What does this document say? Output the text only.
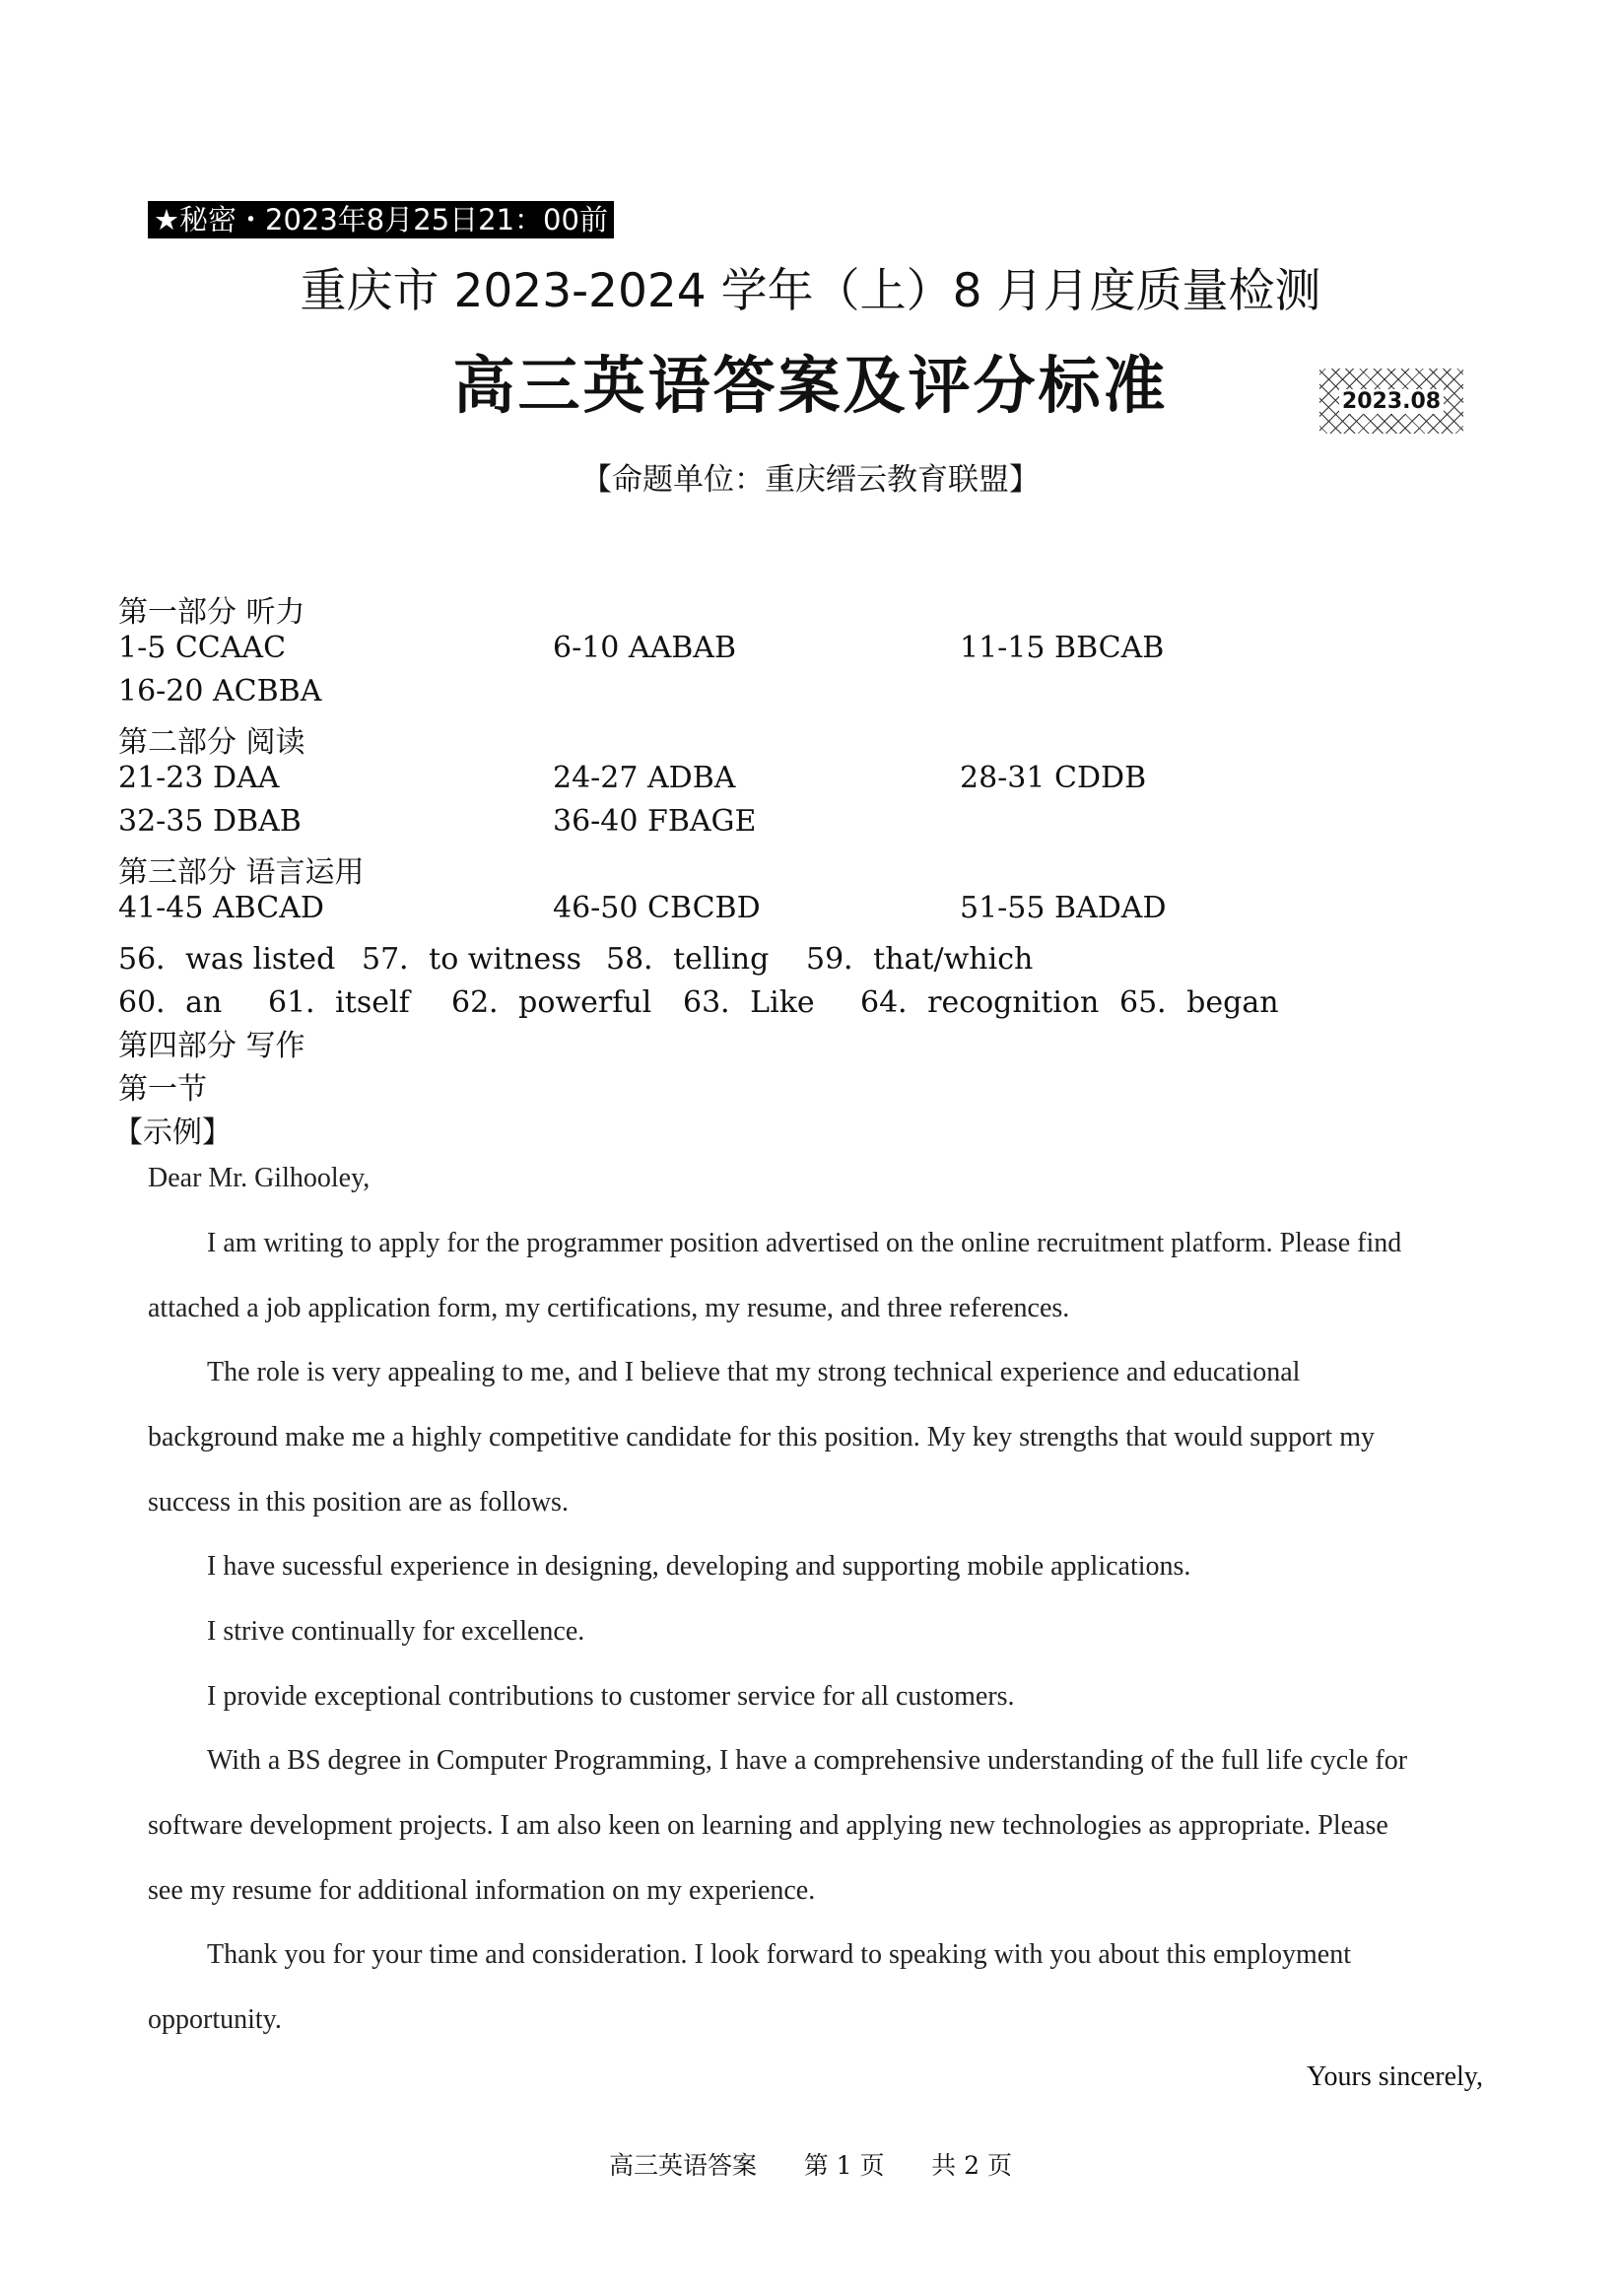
★秘密・2023年8月25日21：00前
重庆市 2023-2024 学年（上）8 月月度质量检测
高三英语答案及评分标准	2023.08
【命题单位：重庆缙云教育联盟】
第一部分 听力
1-5 CCAAC	6-10 AABAB	11-15 BBCAB
16-20 ACBBA
第二部分 阅读
21-23 DAA	24-27 ADBA	28-31 CDDB
32-35 DBAB	36-40 FBAGE
第三部分 语言运用
41-45 ABCAD	46-50 CBCBD	51-55 BADAD
56．was listed 57．to witness 58．telling 59．that/which
60．an 61．itself 62．powerful 63．Like 64．recognition 65．began
第四部分 写作
第一节
【示例】
Dear Mr. Gilhooley,
I am writing to apply for the programmer position advertised on the online recruitment platform. Please find
attached a job application form, my certifications, my resume, and three references.
The role is very appealing to me, and I believe that my strong technical experience and educational
background make me a highly competitive candidate for this position. My key strengths that would support my
success in this position are as follows.
I have sucessful experience in designing, developing and supporting mobile applications.
I strive continually for excellence.
I provide exceptional contributions to customer service for all customers.
With a BS degree in Computer Programming, I have a comprehensive understanding of the full life cycle for
software development projects. I am also keen on learning and applying new technologies as appropriate. Please
see my resume for additional information on my experience.
Thank you for your time and consideration. I look forward to speaking with you about this employment
opportunity.
Yours sincerely,
高三英语答案      第 1 页      共 2 页
